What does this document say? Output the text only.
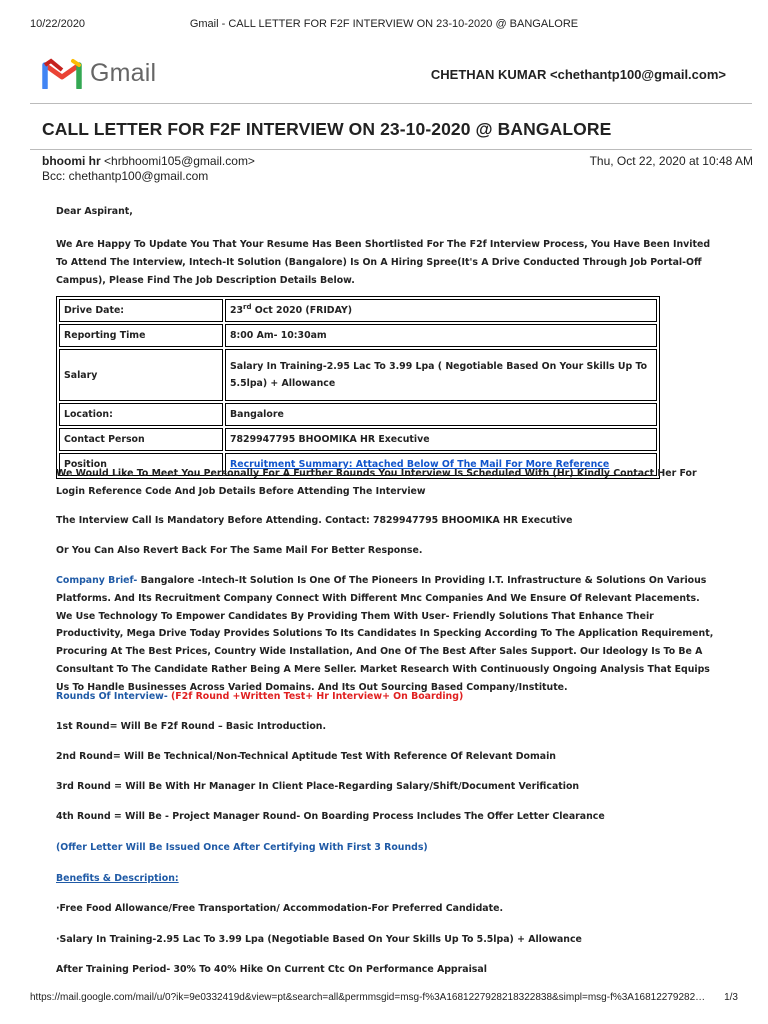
10/22/2020	Gmail - CALL LETTER FOR F2F INTERVIEW ON 23-10-2020 @ BANGALORE
Gmail	CHETHAN KUMAR <chethantp100@gmail.com>
CALL LETTER FOR F2F INTERVIEW ON 23-10-2020 @ BANGALORE
bhoomi hr <hrbhoomi105@gmail.com>
Bcc: chethantp100@gmail.com
Thu, Oct 22, 2020 at 10:48 AM

Dear Aspirant,

We Are Happy To Update You That Your Resume Has Been Shortlisted For The F2f Interview Process, You Have Been Invited To Attend The Interview, Intech-It Solution (Bangalore) Is On A Hiring Spree(It's A Drive Conducted Through Job Portal-Off Campus), Please Find The Job Description Details Below.

Drive Date:	23rd Oct 2020 (FRIDAY)
Reporting Time	8:00 Am- 10:30am
Salary	Salary In Training-2.95 Lac To 3.99 Lpa ( Negotiable Based On Your Skills Up To 5.5lpa) + Allowance
Location:	Bangalore
Contact Person	7829947795 BHOOMIKA HR Executive
Position	Recruitment Summary: Attached Below Of The Mail For More Reference

We Would Like To Meet You Personally For A Further Rounds You Interview Is Scheduled With (Hr) Kindly Contact Her For Login Reference Code And Job Details Before Attending The Interview

The Interview Call Is Mandatory Before Attending. Contact: 7829947795 BHOOMIKA HR Executive

Or You Can Also Revert Back For The Same Mail For Better Response.

Company Brief- Bangalore -Intech-It Solution Is One Of The Pioneers In Providing I.T. Infrastructure & Solutions On Various Platforms. And Its Recruitment Company Connect With Different Mnc Companies And We Ensure Of Relevant Placements. We Use Technology To Empower Candidates By Providing Them With User- Friendly Solutions That Enhance Their Productivity, Mega Drive Today Provides Solutions To Its Candidates In Specking According To The Application Requirement, Procuring At The Best Prices, Country Wide Installation, And One Of The Best After Sales Support. Our Ideology Is To Be A Consultant To The Candidate Rather Being A Mere Seller. Market Research With Continuously Ongoing Analysis That Equips Us To Handle Businesses Across Varied Domains. And Its Out Sourcing Based Company/Institute.

Rounds Of Interview- (F2f Round +Written Test+ Hr Interview+ On Boarding)

1st Round= Will Be F2f Round – Basic Introduction.

2nd Round= Will Be Technical/Non-Technical Aptitude Test With Reference Of Relevant Domain

3rd Round = Will Be With Hr Manager In Client Place-Regarding Salary/Shift/Document Verification

4th Round = Will Be - Project Manager Round- On Boarding Process Includes The Offer Letter Clearance

(Offer Letter Will Be Issued Once After Certifying With First 3 Rounds)

Benefits & Description:

·Free Food Allowance/Free Transportation/ Accommodation-For Preferred Candidate.

·Salary In Training-2.95 Lac To 3.99 Lpa (Negotiable Based On Your Skills Up To 5.5lpa) + Allowance

After Training Period- 30% To 40% Hike On Current Ctc On Performance Appraisal

https://mail.google.com/mail/u/0?ik=9e0332419d&view=pt&search=all&permmsgid=msg-f%3A1681227928218322838&simpl=msg-f%3A16812279282… 1/3
